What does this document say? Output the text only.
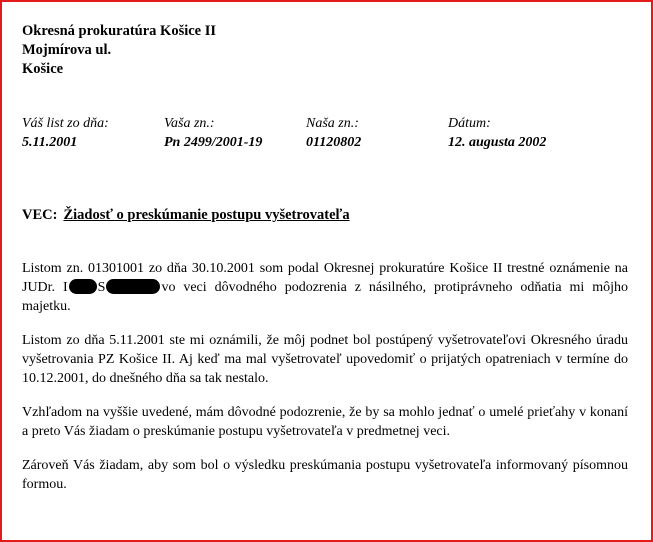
Okresná prokuratúra Košice II
Mojmírova ul.
Košice
Váš list zo dňa:
5.11.2001
Vaša zn.:
Pn 2499/2001-19
Naša zn.:
01120802
Dátum:
12. augusta 2002
VEC: Žiadosť o preskúmanie postupu vyšetrovateľa

Listom zn. 01301001 zo dňa 30.10.2001 som podal Okresnej prokuratúre Košice II trestné oznámenie na JUDr. I S	vo veci dôvodného podozrenia z násilného, protiprávneho odňatia mi môjho majetku.

Listom zo dňa 5.11.2001 ste mi oznámili, že môj podnet bol postúpený vyšetrovateľovi Okresného úradu vyšetrovania PZ Košice II. Aj keď ma mal vyšetrovateľ upovedomiť o prijatých opatreniach v termíne do 10.12.2001, do dnešného dňa sa tak nestalo.

Vzhľadom na vyššie uvedené, mám dôvodné podozrenie, že by sa mohlo jednať o umelé prieťahy v konaní a preto Vás žiadam o preskúmanie postupu vyšetrovateľa v predmetnej veci.

Zároveň Vás žiadam, aby som bol o výsledku preskúmania postupu vyšetrovateľa informovaný písomnou formou.
